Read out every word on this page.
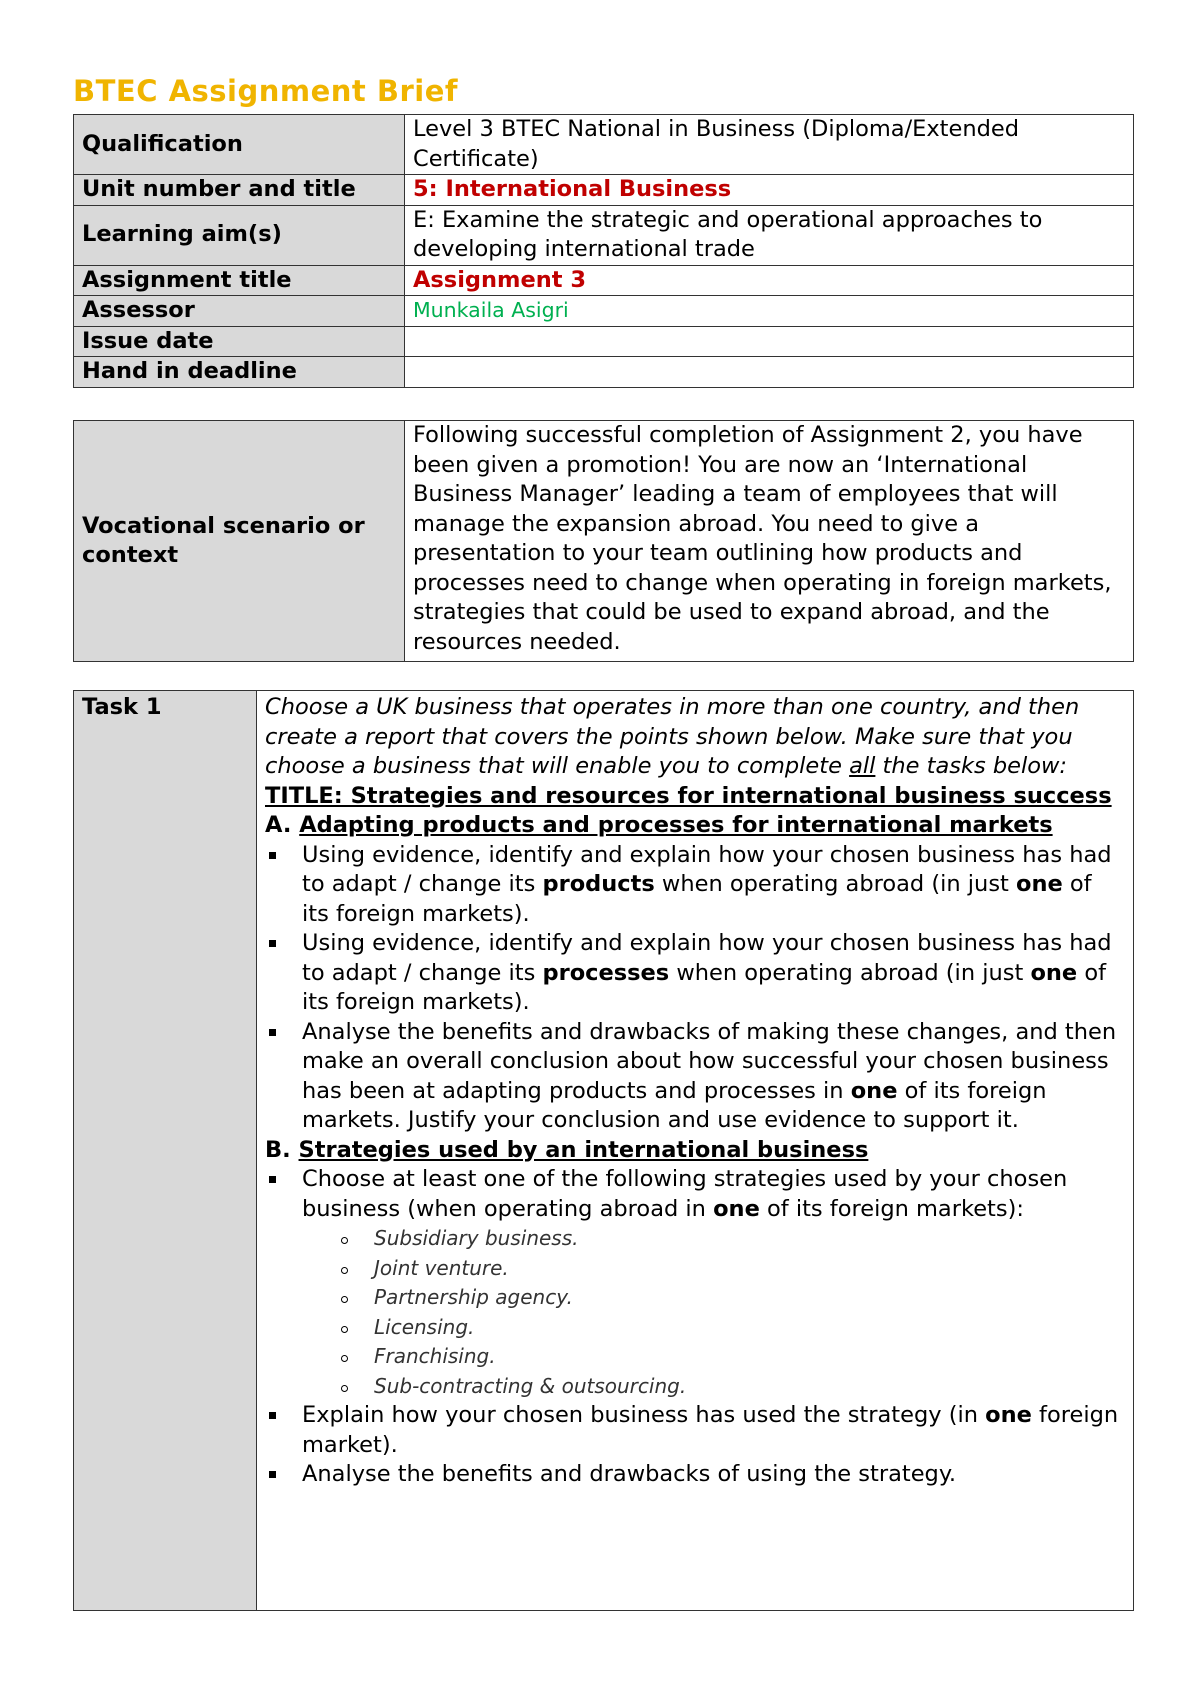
BTEC Assignment Brief
Qualification	Level 3 BTEC National in Business (Diploma/Extended Certificate)
Unit number and title	5: International Business
Learning aim(s)	E: Examine the strategic and operational approaches to developing international trade
Assignment title	Assignment 3
Assessor	Munkaila Asigri
Issue date	
Hand in deadline	
Vocational scenario or context	Following successful completion of Assignment 2, you have been given a promotion! You are now an ‘International Business Manager’ leading a team of employees that will manage the expansion abroad. You need to give a presentation to your team outlining how products and processes need to change when operating in foreign markets, strategies that could be used to expand abroad, and the resources needed.
Task 1	Choose a UK business that operates in more than one country, and then create a report that covers the points shown below. Make sure that you choose a business that will enable you to complete all the tasks below:
TITLE: Strategies and resources for international business success
A. Adapting products and processes for international markets
Using evidence, identify and explain how your chosen business has had to adapt / change its products when operating abroad (in just one of its foreign markets).
Using evidence, identify and explain how your chosen business has had to adapt / change its processes when operating abroad (in just one of its foreign markets).
Analyse the benefits and drawbacks of making these changes, and then make an overall conclusion about how successful your chosen business has been at adapting products and processes in one of its foreign markets. Justify your conclusion and use evidence to support it.
B. Strategies used by an international business
Choose at least one of the following strategies used by your chosen business (when operating abroad in one of its foreign markets):
Subsidiary business.
Joint venture.
Partnership agency.
Licensing.
Franchising.
Sub-contracting & outsourcing.
Explain how your chosen business has used the strategy (in one foreign market).
Analyse the benefits and drawbacks of using the strategy.
